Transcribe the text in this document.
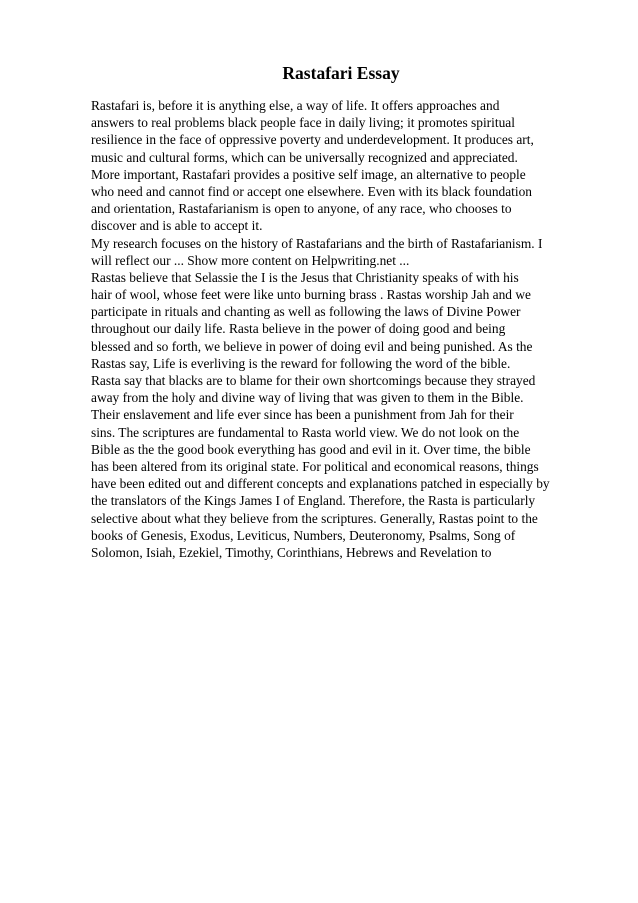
Rastafari Essay
Rastafari is, before it is anything else, a way of life. It offers approaches and
answers to real problems black people face in daily living; it promotes spiritual
resilience in the face of oppressive poverty and underdevelopment. It produces art,
music and cultural forms, which can be universally recognized and appreciated.
More important, Rastafari provides a positive self image, an alternative to people
who need and cannot find or accept one elsewhere. Even with its black foundation
and orientation, Rastafarianism is open to anyone, of any race, who chooses to
discover and is able to accept it.
My research focuses on the history of Rastafarians and the birth of Rastafarianism. I
will reflect our ... Show more content on Helpwriting.net ...
Rastas believe that Selassie the I is the Jesus that Christianity speaks of with his
hair of wool, whose feet were like unto burning brass . Rastas worship Jah and we
participate in rituals and chanting as well as following the laws of Divine Power
throughout our daily life. Rasta believe in the power of doing good and being
blessed and so forth, we believe in power of doing evil and being punished. As the
Rastas say, Life is everliving is the reward for following the word of the bible.
Rasta say that blacks are to blame for their own shortcomings because they strayed
away from the holy and divine way of living that was given to them in the Bible.
Their enslavement and life ever since has been a punishment from Jah for their
sins. The scriptures are fundamental to Rasta world view. We do not look on the
Bible as the the good book everything has good and evil in it. Over time, the bible
has been altered from its original state. For political and economical reasons, things
have been edited out and different concepts and explanations patched in especially by
the translators of the Kings James I of England. Therefore, the Rasta is particularly
selective about what they believe from the scriptures. Generally, Rastas point to the
books of Genesis, Exodus, Leviticus, Numbers, Deuteronomy, Psalms, Song of
Solomon, Isiah, Ezekiel, Timothy, Corinthians, Hebrews and Revelation to
